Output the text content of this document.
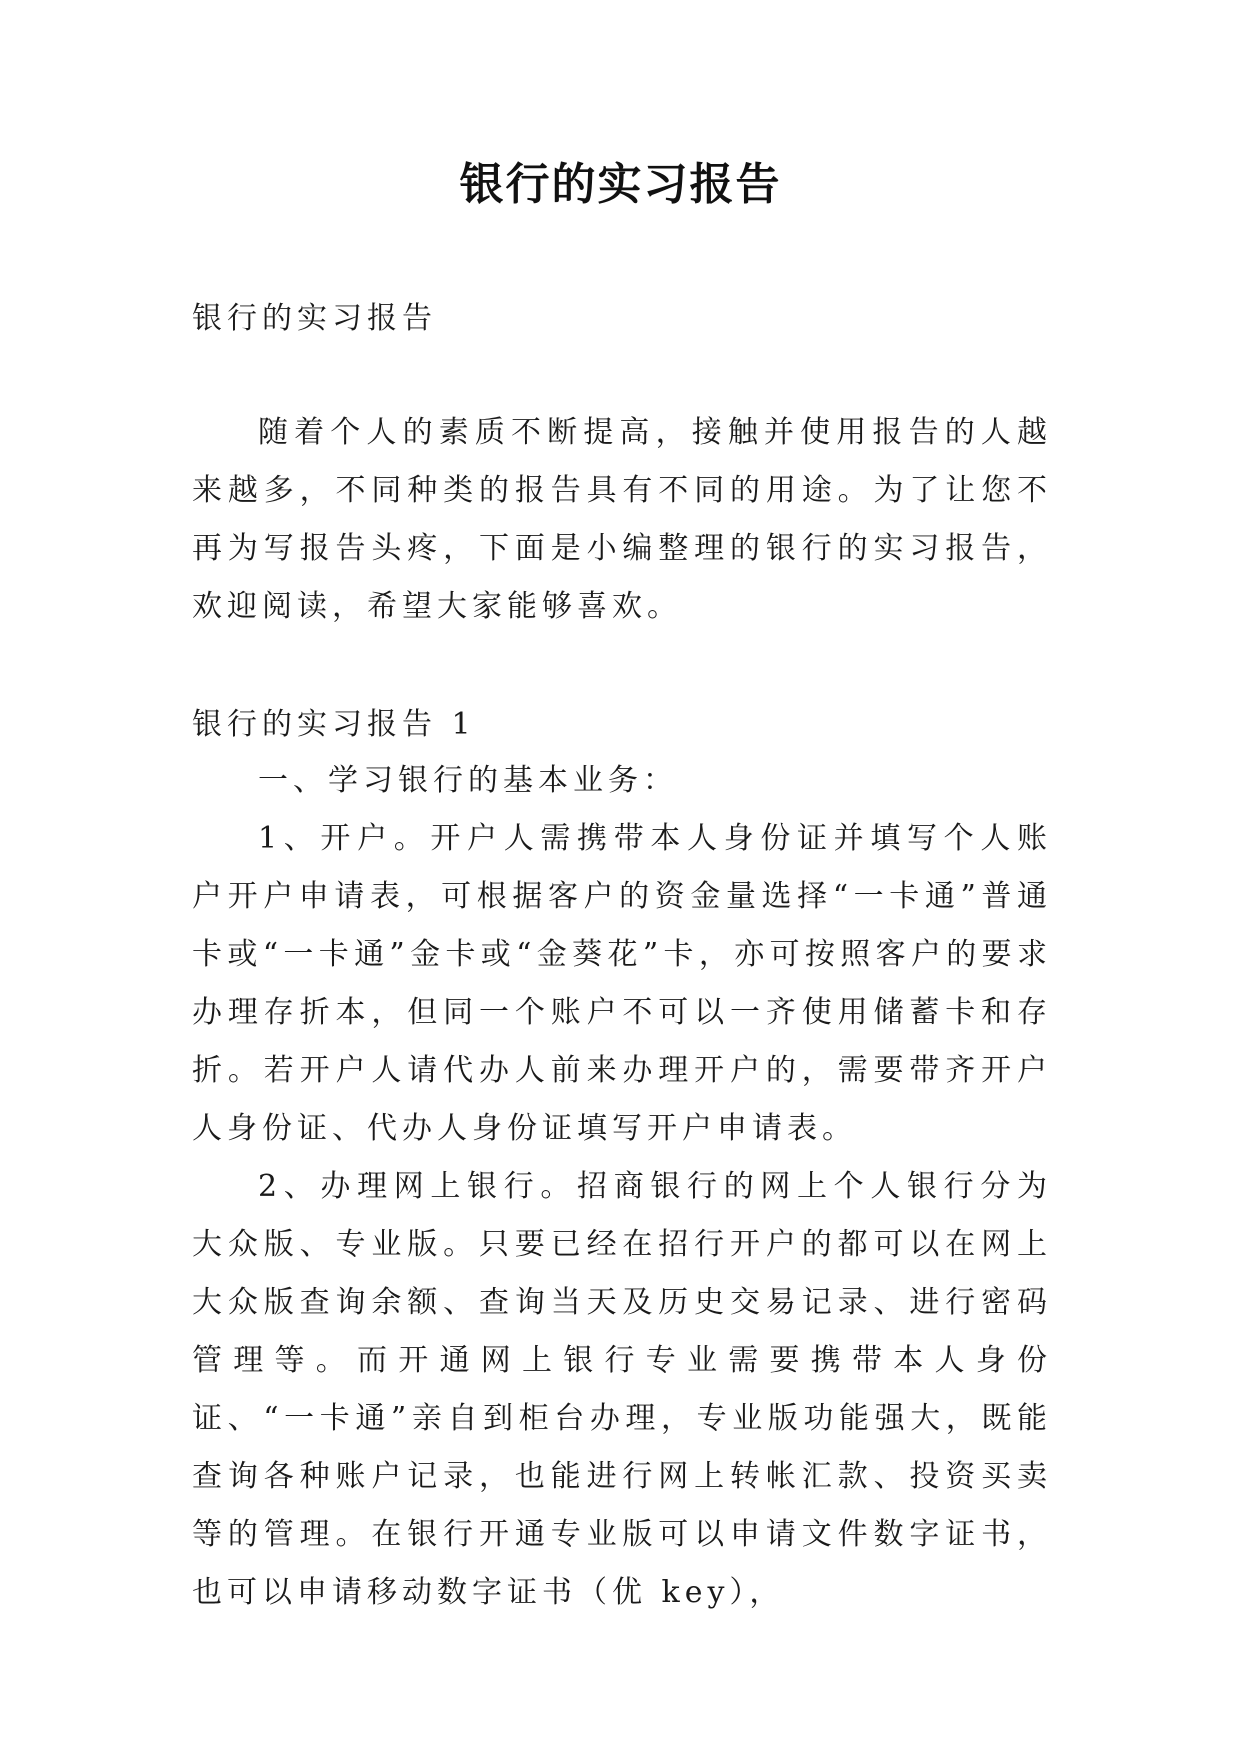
银行的实习报告

银行的实习报告

随着个人的素质不断提高，接触并使用报告的人越来越多，不同种类的报告具有不同的用途。为了让您不再为写报告头疼，下面是小编整理的银行的实习报告，欢迎阅读，希望大家能够喜欢。

银行的实习报告 1

一、学习银行的基本业务：

1、开户。开户人需携带本人身份证并填写个人账户开户申请表，可根据客户的资金量选择“一卡通”普通卡或“一卡通”金卡或“金葵花”卡，亦可按照客户的要求办理存折本，但同一个账户不可以一齐使用储蓄卡和存折。若开户人请代办人前来办理开户的，需要带齐开户人身份证、代办人身份证填写开户申请表。

2、办理网上银行。招商银行的网上个人银行分为大众版、专业版。只要已经在招行开户的都可以在网上大众版查询余额、查询当天及历史交易记录、进行密码管理等。而开通网上银行专业需要携带本人身份证、“一卡通”亲自到柜台办理，专业版功能强大，既能查询各种账户记录，也能进行网上转帐汇款、投资买卖等的管理。在银行开通专业版可以申请文件数字证书，也可以申请移动数字证书（优 key），
